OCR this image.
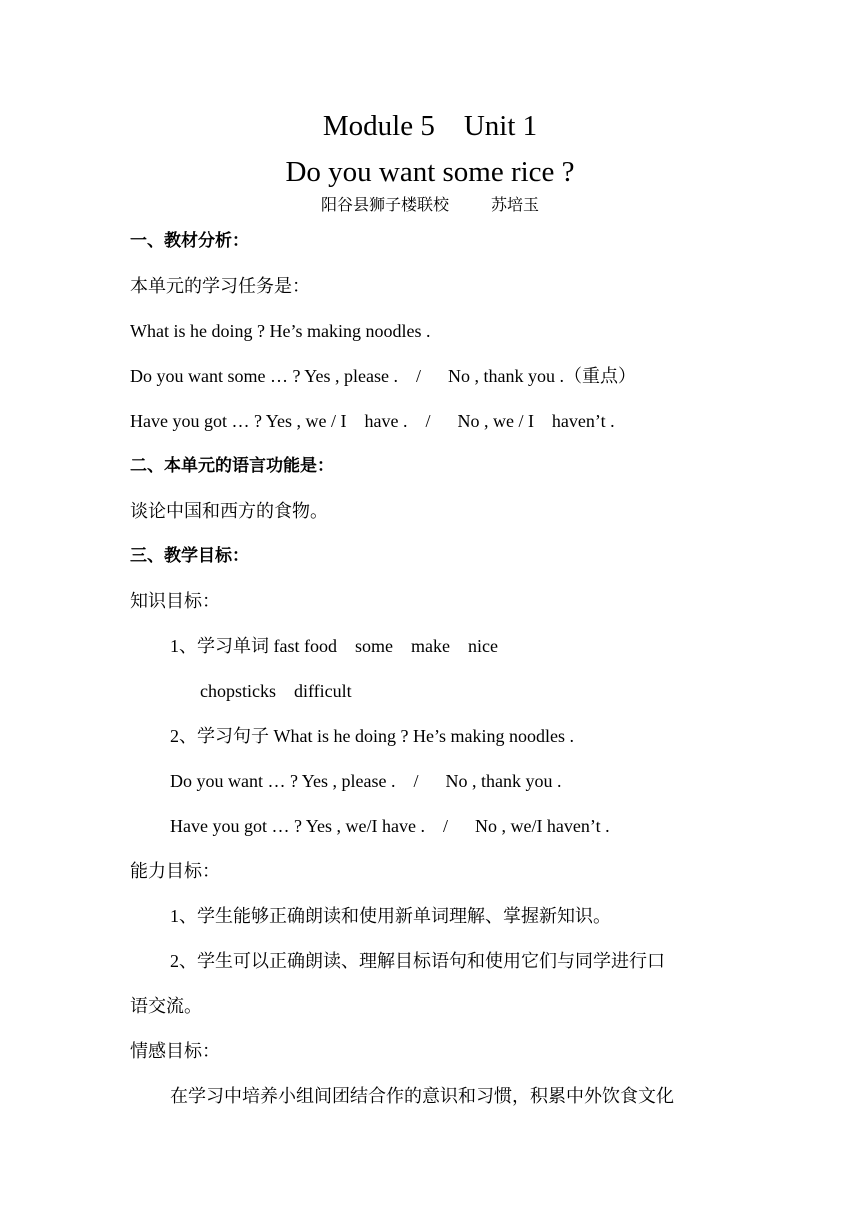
Module 5    Unit 1
Do you want some rice ?
阳谷县狮子楼联校	苏培玉
一、教材分析：
本单元的学习任务是：
What is he doing ? He’s making noodles .
Do you want some … ? Yes , please .    /      No , thank you .（重点）
Have you got … ? Yes , we / I    have .    /      No , we / I    haven’t .
二、本单元的语言功能是：
谈论中国和西方的食物。
三、教学目标：
知识目标：
1、学习单词 fast food    some    make    nice
chopsticks    difficult
2、学习句子 What is he doing ? He’s making noodles .
Do you want … ? Yes , please .    /      No , thank you .
Have you got … ? Yes , we/I have .    /      No , we/I haven’t .
能力目标：
1、学生能够正确朗读和使用新单词理解、掌握新知识。
2、学生可以正确朗读、理解目标语句和使用它们与同学进行口
语交流。
情感目标：
在学习中培养小组间团结合作的意识和习惯，积累中外饮食文化
